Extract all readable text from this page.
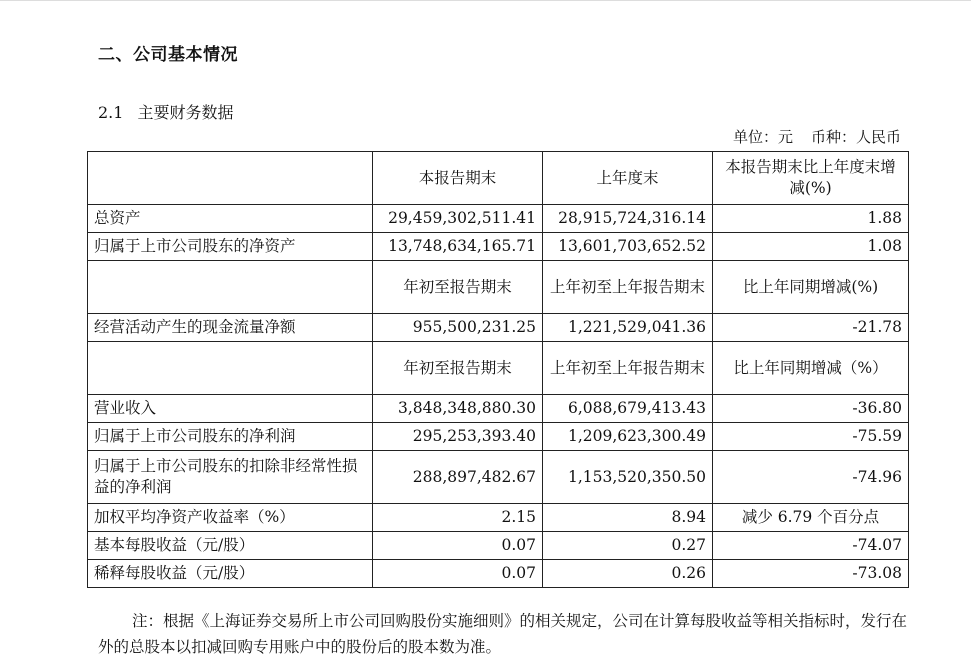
二、公司基本情况
2.1 主要财务数据
单位：元 币种：人民币
	本报告期末	上年度末	本报告期末比上年度末增减(%)
总资产	29,459,302,511.41	28,915,724,316.14	1.88
归属于上市公司股东的净资产	13,748,634,165.71	13,601,703,652.52	1.08
	年初至报告期末	上年初至上年报告期末	比上年同期增减(%)
经营活动产生的现金流量净额	955,500,231.25	1,221,529,041.36	-21.78
	年初至报告期末	上年初至上年报告期末	比上年同期增减（%）
营业收入	3,848,348,880.30	6,088,679,413.43	-36.80
归属于上市公司股东的净利润	295,253,393.40	1,209,623,300.49	-75.59
归属于上市公司股东的扣除非经常性损益的净利润	288,897,482.67	1,153,520,350.50	-74.96
加权平均净资产收益率（%）	2.15	8.94	减少 6.79 个百分点
基本每股收益（元/股）	0.07	0.27	-74.07
稀释每股收益（元/股）	0.07	0.26	-73.08
注：根据《上海证券交易所上市公司回购股份实施细则》的相关规定，公司在计算每股收益等相关指标时，发行在外的总股本以扣减回购专用账户中的股份后的股本数为准。
